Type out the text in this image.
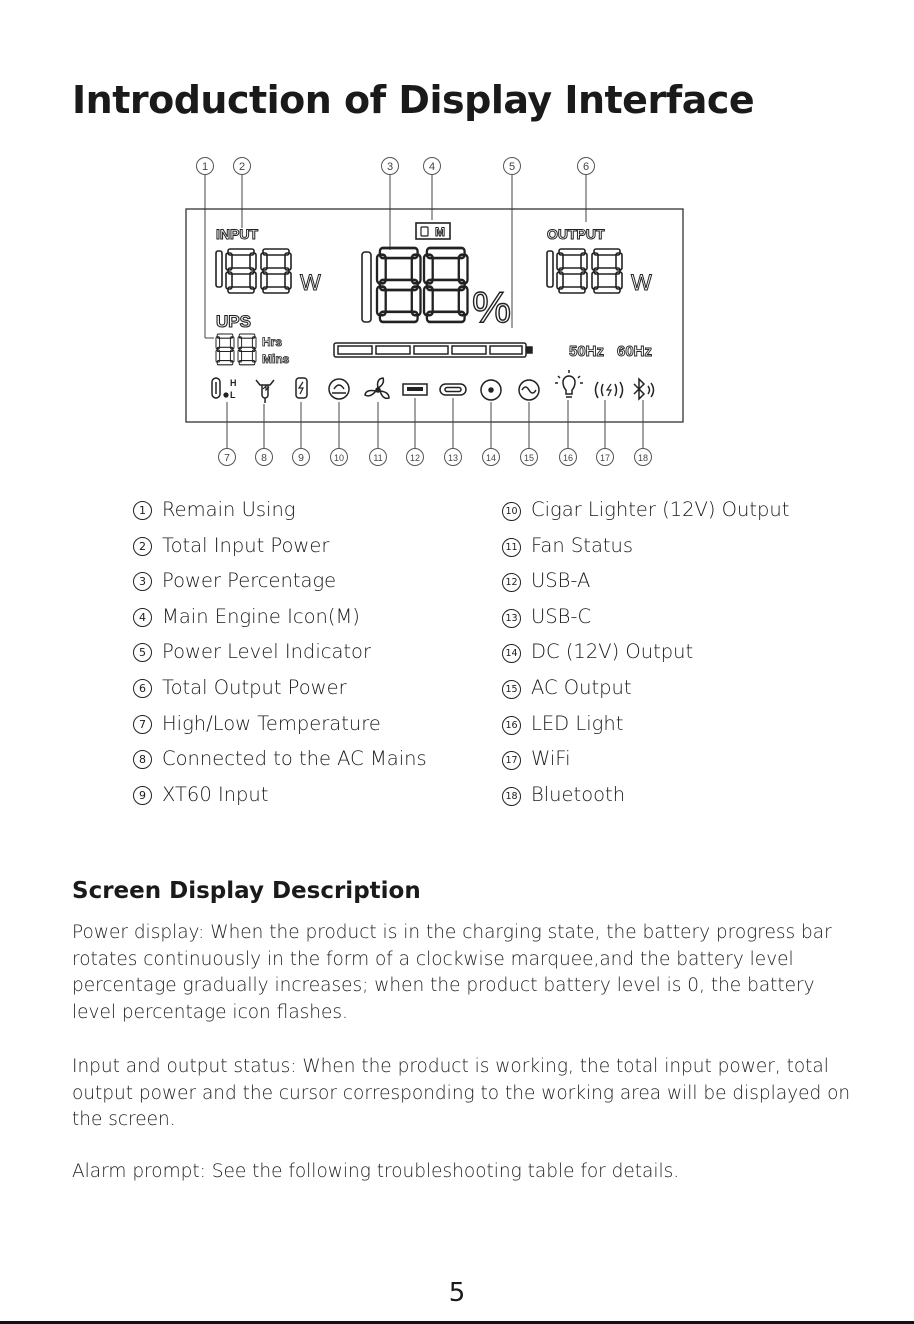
Introduction of Display Interface
1	2	3	4	5	6
INPUT	M	OUTPUT
W
%
W
UPS
Hrs
Mins	50Hz 60Hz
H
L
7	8	9	10	11	12	13	14	15	16	17	18
1 Remain Using
2 Total Input Power
3 Power Percentage
4 Main Engine Icon(M)
5 Power Level Indicator
6 Total Output Power
7 High/Low Temperature
8 Connected to the AC Mains
9 XT60 Input
10 Cigar Lighter (12V) Output
11 Fan Status
12 USB-A
13 USB-C
14 DC (12V) Output
15 AC Output
16 LED Light
17 WiFi
18 Bluetooth
Screen Display Description

Power display: When the product is in the charging state, the battery progress bar rotates continuously in the form of a clockwise marquee,and the battery level percentage gradually increases; when the product battery level is 0, the battery level percentage icon flashes.

Input and output status: When the product is working, the total input power, total output power and the cursor corresponding to the working area will be displayed on the screen.

Alarm prompt: See the following troubleshooting table for details.

5
